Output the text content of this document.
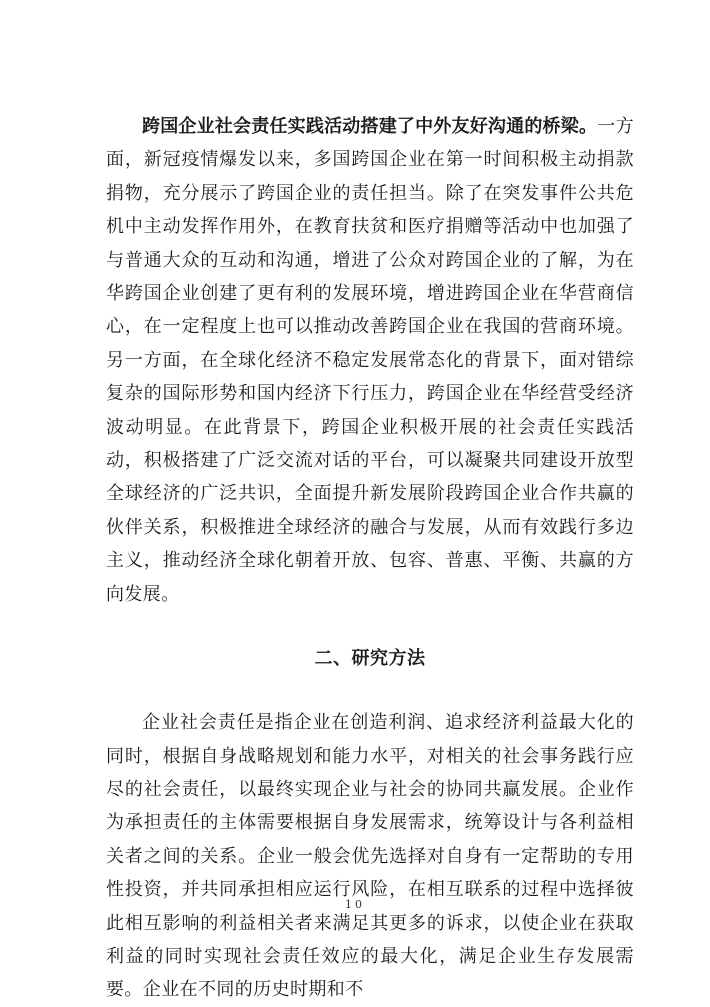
跨国企业社会责任实践活动搭建了中外友好沟通的桥梁。一方面，新冠疫情爆发以来，多国跨国企业在第一时间积极主动捐款捐物，充分展示了跨国企业的责任担当。除了在突发事件公共危机中主动发挥作用外，在教育扶贫和医疗捐赠等活动中也加强了与普通大众的互动和沟通，增进了公众对跨国企业的了解，为在华跨国企业创建了更有利的发展环境，增进跨国企业在华营商信心，在一定程度上也可以推动改善跨国企业在我国的营商环境。另一方面，在全球化经济不稳定发展常态化的背景下，面对错综复杂的国际形势和国内经济下行压力，跨国企业在华经营受经济波动明显。在此背景下，跨国企业积极开展的社会责任实践活动，积极搭建了广泛交流对话的平台，可以凝聚共同建设开放型全球经济的广泛共识，全面提升新发展阶段跨国企业合作共赢的伙伴关系，积极推进全球经济的融合与发展，从而有效践行多边主义，推动经济全球化朝着开放、包容、普惠、平衡、共赢的方向发展。

二、研究方法

企业社会责任是指企业在创造利润、追求经济利益最大化的同时，根据自身战略规划和能力水平，对相关的社会事务践行应尽的社会责任，以最终实现企业与社会的协同共赢发展。企业作为承担责任的主体需要根据自身发展需求，统筹设计与各利益相关者之间的关系。企业一般会优先选择对自身有一定帮助的专用性投资，并共同承担相应运行风险，在相互联系的过程中选择彼此相互影响的利益相关者来满足其更多的诉求，以使企业在获取利益的同时实现社会责任效应的最大化，满足企业生存发展需要。企业在不同的历史时期和不

10
